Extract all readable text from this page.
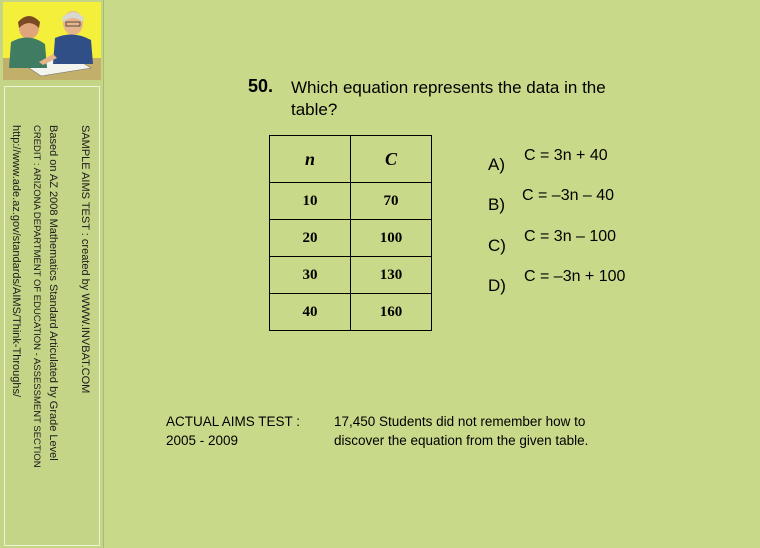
SAMPLE AIMS TEST : created by WWW.INVBAT.COM
Based on AZ 2008 Mathematics Standard Articulated by Grade Level
CREDIT : ARIZONA DEPARTMENT OF EDUCATION - ASSESSMENT SECTION
http://www.ade.az.gov/standards/AIMS/Think-Throughs/
50. Which equation represents the data in the table?
n	C
10	70
20	100
30	130
40	160
A) C = 3n + 40
B) C = –3n – 40
C) C = 3n – 100
D) C = –3n + 100
ACTUAL AIMS TEST :
2005 - 2009
17,450 Students did not remember how to
discover the equation from the given table.
